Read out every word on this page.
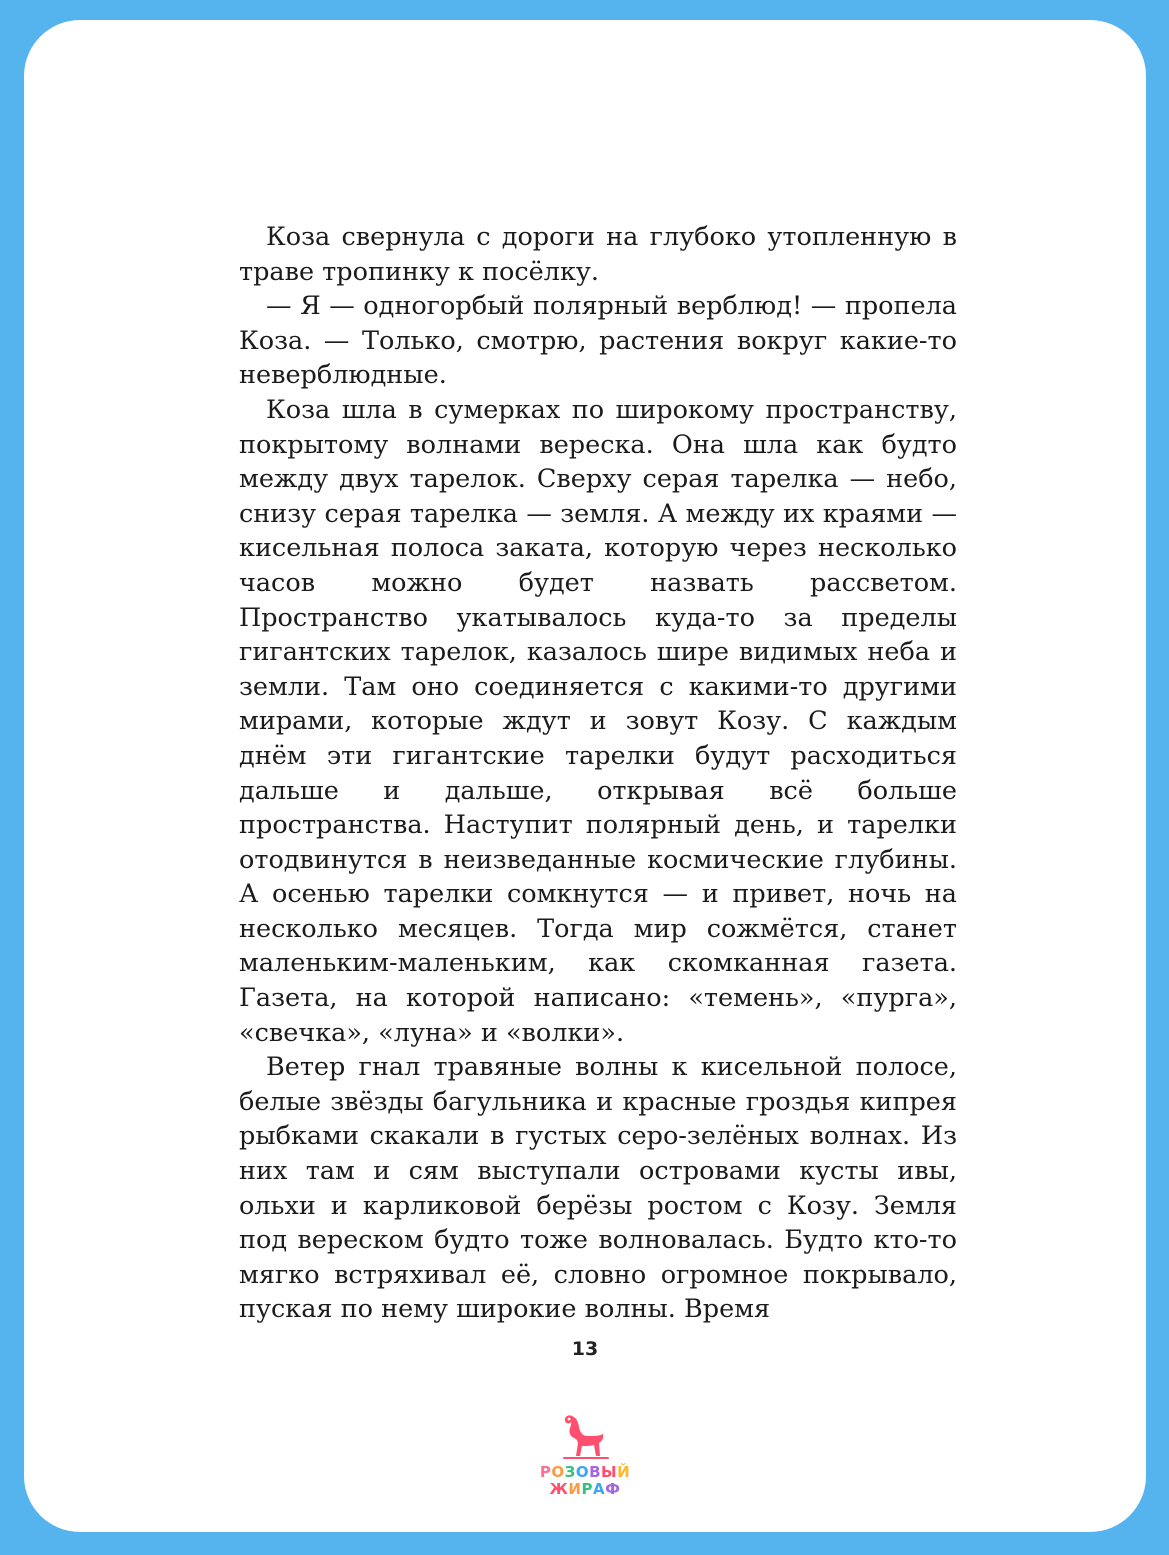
Коза свернула с дороги на глубоко утопленную в траве тропинку к посёлку.

— Я — одногорбый полярный верблюд! — пропела Коза. — Только, смотрю, растения вокруг какие-то неверблюдные.

Коза шла в сумерках по широкому пространству, покрытому волнами вереска. Она шла как будто между двух тарелок. Сверху серая тарелка — небо, снизу серая тарелка — земля. А между их краями — кисельная полоса заката, которую через несколько часов можно будет назвать рассветом. Пространство укатывалось куда-то за пределы гигантских тарелок, казалось шире видимых неба и земли. Там оно соединяется с какими-то другими мирами, которые ждут и зовут Козу. С каждым днём эти гигантские тарелки будут расходиться дальше и дальше, открывая всё больше пространства. Наступит полярный день, и тарелки отодвинутся в неизведанные космические глубины. А осенью тарелки сомкнутся — и привет, ночь на несколько месяцев. Тогда мир сожмётся, станет маленьким-маленьким, как скомканная газета. Газета, на которой написано: «темень», «пурга», «свечка», «луна» и «волки».

Ветер гнал травяные волны к кисельной полосе, белые звёзды багульника и красные гроздья кипрея рыбками скакали в густых серо-зелёных волнах. Из них там и сям выступали островами кусты ивы, ольхи и карликовой берёзы ростом с Козу. Земля под вереском будто тоже волновалась. Будто кто-то мягко встряхивал её, словно огромное покрывало, пуская по нему широкие волны. Время

13
РОЗОВЫЙ
ЖИРАФ
